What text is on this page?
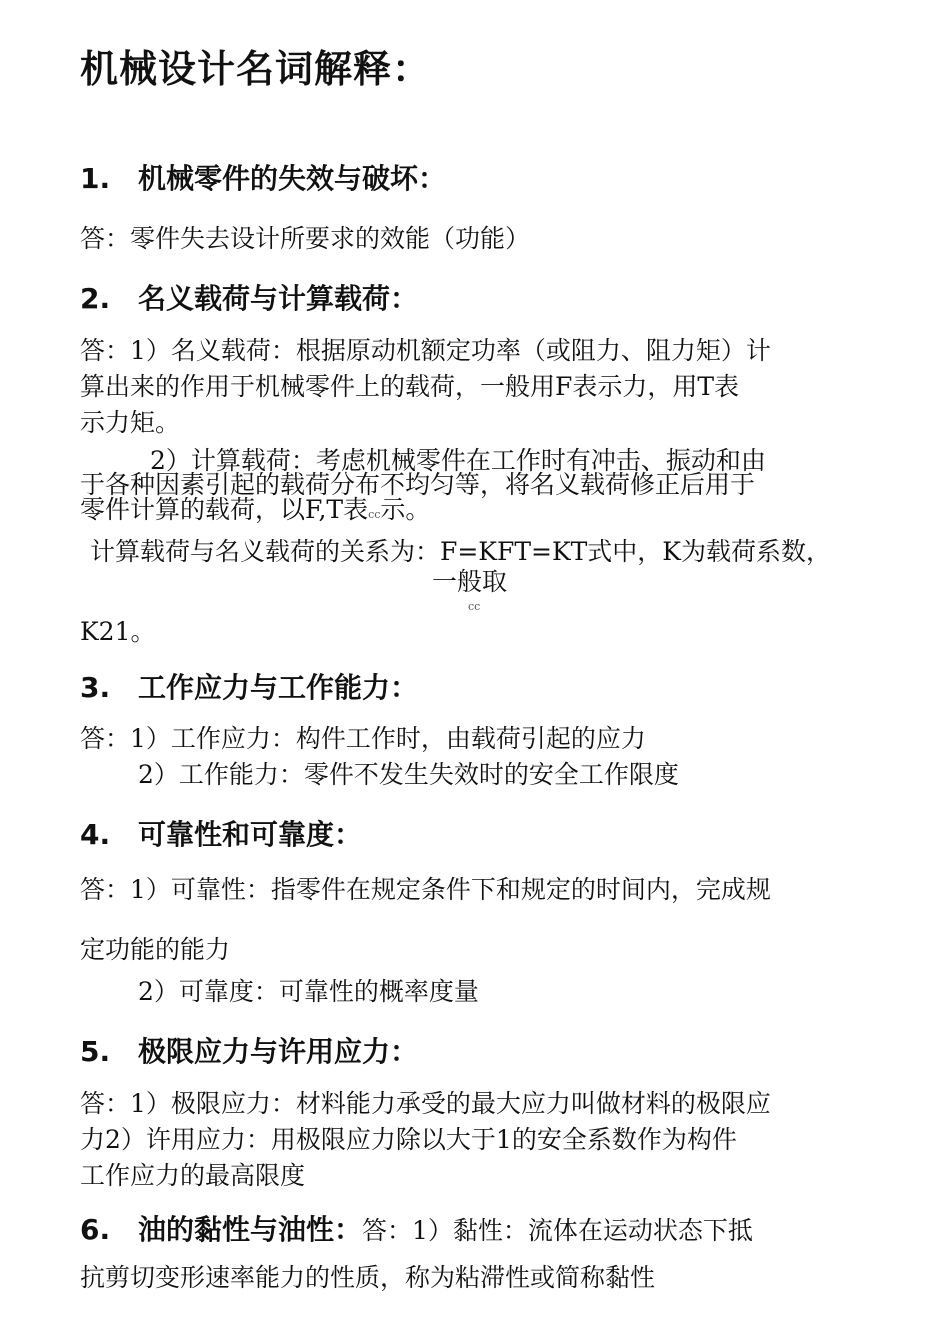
机械设计名词解释：
1. 机械零件的失效与破坏：
答：零件失去设计所要求的效能（功能）
2. 名义载荷与计算载荷：
答：1）名义载荷：根据原动机额定功率（或阻力、阻力矩）计
算出来的作用于机械零件上的载荷，一般用F表示力，用T表
示力矩。
2）计算载荷：考虑机械零件在工作时有冲击、振动和由
于各种因素引起的载荷分布不均匀等，将名义载荷修正后用于
零件计算的载荷，以F,T表cc示。
计算载荷与名义载荷的关系为：F=KFT=KT式中，K为载荷系数，
一般取
cc
K21。
3. 工作应力与工作能力：
答：1）工作应力：构件工作时，由载荷引起的应力
2）工作能力：零件不发生失效时的安全工作限度
4. 可靠性和可靠度：
答：1）可靠性：指零件在规定条件下和规定的时间内，完成规
定功能的能力
2）可靠度：可靠性的概率度量
5. 极限应力与许用应力：
答：1）极限应力：材料能力承受的最大应力叫做材料的极限应
力2）许用应力：用极限应力除以大于1的安全系数作为构件
工作应力的最高限度
6. 油的黏性与油性：答：1）黏性：流体在运动状态下抵
抗剪切变形速率能力的性质，称为粘滞性或简称黏性
